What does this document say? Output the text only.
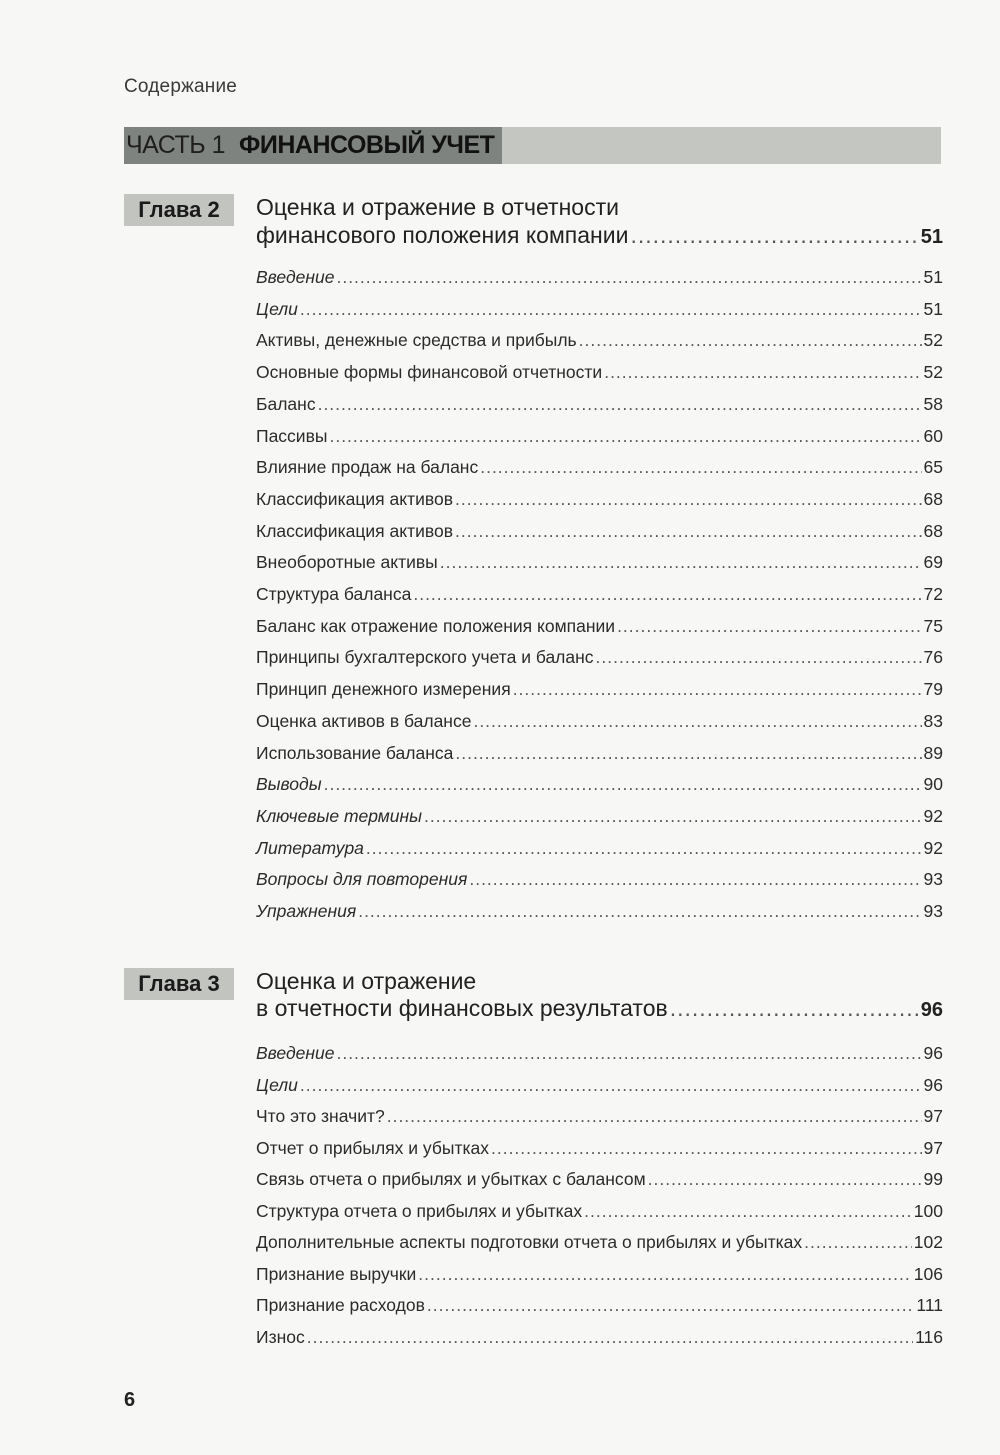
Содержание
ЧАСТЬ 1 ФИНАНСОВЫЙ УЧЕТ
Глава 2	Оценка и отражение в отчетности
финансового положения компании .....	51
Введение .....	51
Цели .....	51
Активы, денежные средства и прибыль .....	52
Основные формы финансовой отчетности .....	52
Баланс .....	58
Пассивы .....	60
Влияние продаж на баланс .....	65
Классификация активов .....	68
Классификация активов .....	68
Внеоборотные активы .....	69
Структура баланса .....	72
Баланс как отражение положения компании .....	75
Принципы бухгалтерского учета и баланс .....	76
Принцип денежного измерения .....	79
Оценка активов в балансе .....	83
Использование баланса .....	89
Выводы .....	90
Ключевые термины .....	92
Литература .....	92
Вопросы для повторения .....	93
Упражнения .....	93
Глава 3	Оценка и отражение
в отчетности финансовых результатов .....	96
Введение .....	96
Цели .....	96
Что это значит? .....	97
Отчет о прибылях и убытках .....	97
Связь отчета о прибылях и убытках с балансом .....	99
Структура отчета о прибылях и убытках .....	100
Дополнительные аспекты подготовки отчета о прибылях и убытках .....	102
Признание выручки .....	106
Признание расходов .....	111
Износ .....	116
6
